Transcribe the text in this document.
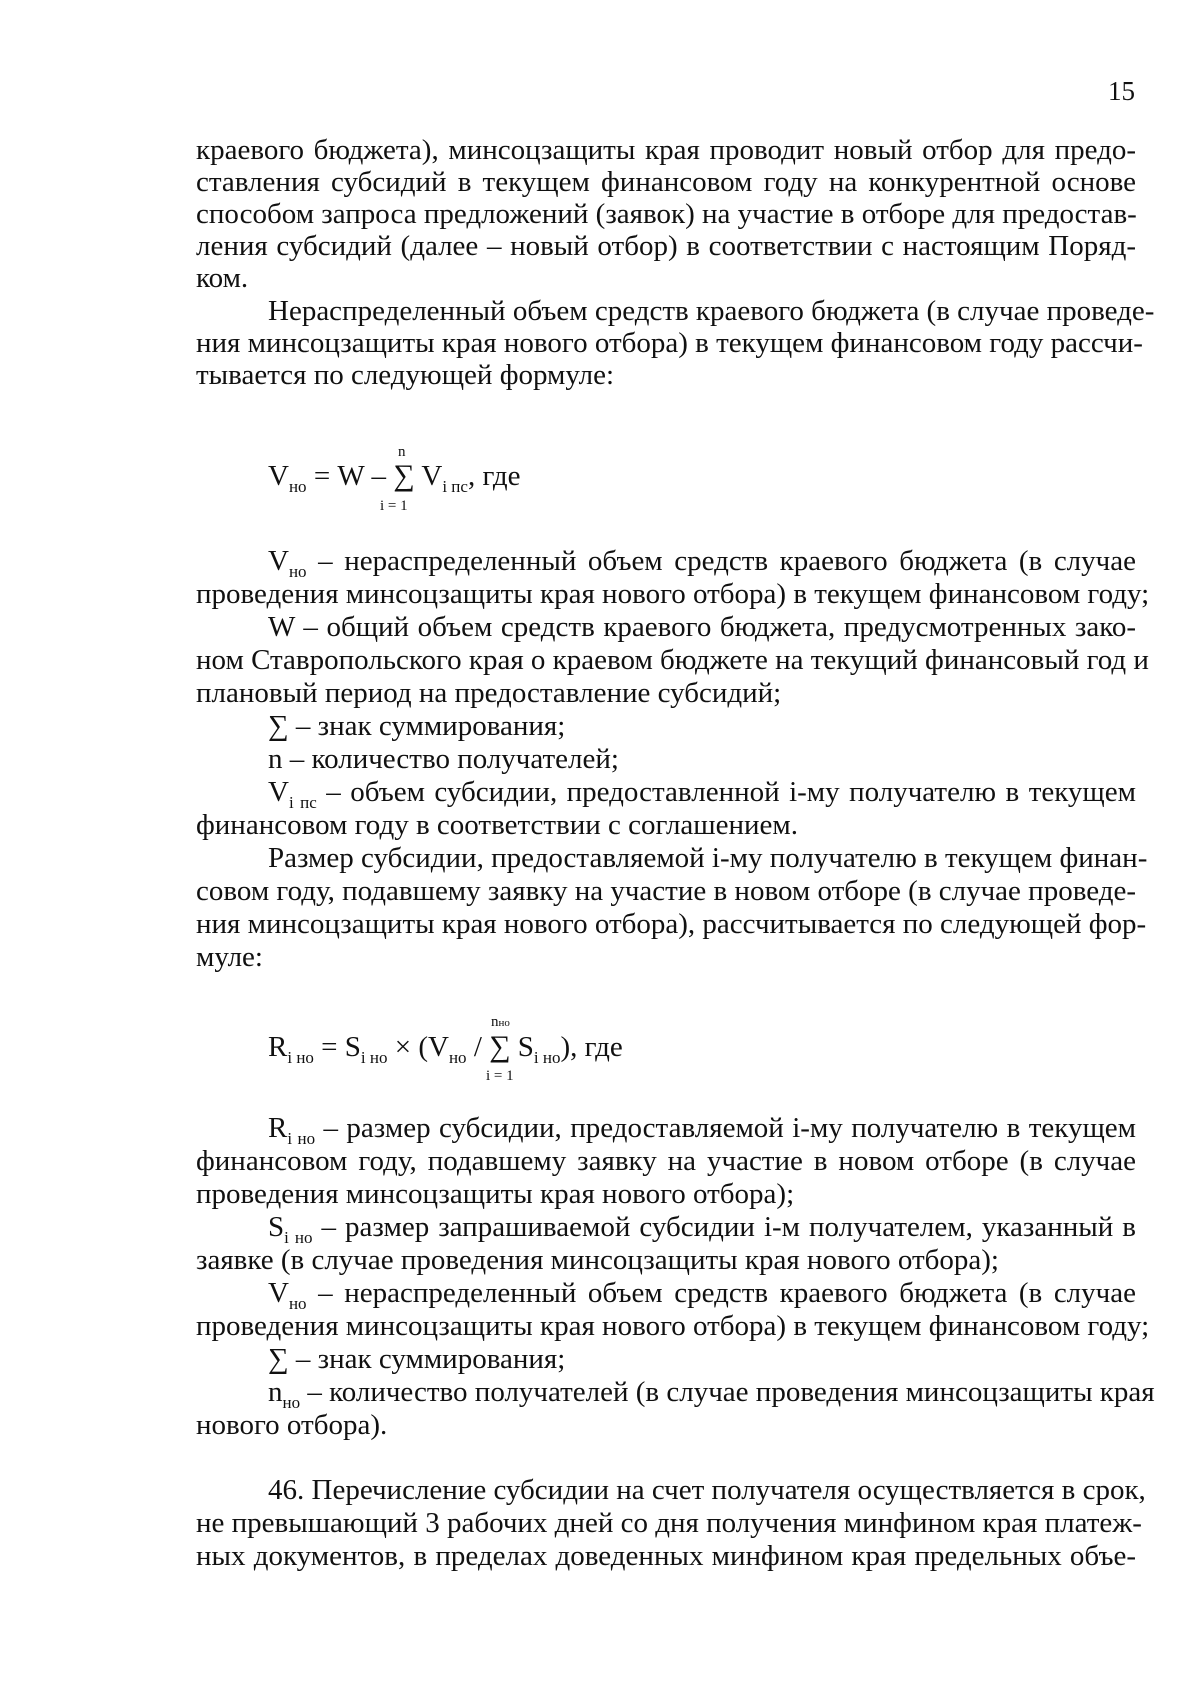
15
краевого бюджета), минсоцзащиты края проводит новый отбор для предо-
ставления субсидий в текущем финансовом году на конкурентной основе
способом запроса предложений (заявок) на участие в отборе для предостав-
ления субсидий (далее – новый отбор) в соответствии с настоящим Поряд-
ком.
Нераспределенный объем средств краевого бюджета (в случае проведе-
ния минсоцзащиты края нового отбора) в текущем финансовом году рассчи-
тывается по следующей формуле:
$V_{но} = W$ – ∑ $V_{i пс}$, где
n
i = 1
$V_{но}$ – нераспределенный объем средств краевого бюджета (в случае
проведения минсоцзащиты края нового отбора) в текущем финансовом году;
W – общий объем средств краевого бюджета, предусмотренных зако-
ном Ставропольского края о краевом бюджете на текущий финансовый год и
плановый период на предоставление субсидий;
∑ – знак суммирования;
n – количество получателей;
$V_{i пс}$ – объем субсидии, предоставленной i-му получателю в текущем
финансовом году в соответствии с соглашением.
Размер субсидии, предоставляемой i-му получателю в текущем финан-
совом году, подавшему заявку на участие в новом отборе (в случае проведе-
ния минсоцзащиты края нового отбора), рассчитывается по следующей фор-
муле:
$R_{i но} = S_{i но} \times (V_{но}$ / ∑ $S_{i но}$), где
nно
i = 1
$R_{i но}$ – размер субсидии, предоставляемой i-му получателю в текущем
финансовом году, подавшему заявку на участие в новом отборе (в случае
проведения минсоцзащиты края нового отбора);
$S_{i но}$ – размер запрашиваемой субсидии i-м получателем, указанный в
заявке (в случае проведения минсоцзащиты края нового отбора);
$V_{но}$ – нераспределенный объем средств краевого бюджета (в случае
проведения минсоцзащиты края нового отбора) в текущем финансовом году;
∑ – знак суммирования;
$n_{но}$ – количество получателей (в случае проведения минсоцзащиты края
нового отбора).
46. Перечисление субсидии на счет получателя осуществляется в срок,
не превышающий 3 рабочих дней со дня получения минфином края платеж-
ных документов, в пределах доведенных минфином края предельных объе-
